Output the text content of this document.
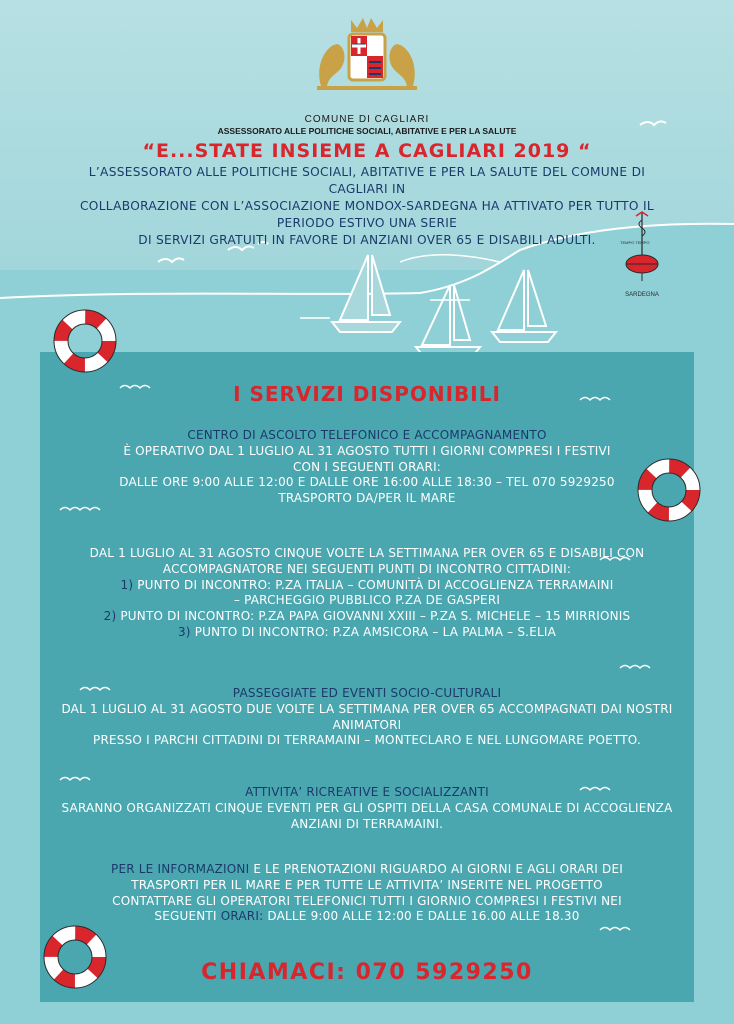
COMUNE DI CAGLIARI
ASSESSORATO ALLE POLITICHE SOCIALI, ABITATIVE E PER LA SALUTE
“E...STATE INSIEME A CAGLIARI 2019 “
L’ASSESSORATO ALLE POLITICHE SOCIALI, ABITATIVE E PER LA SALUTE DEL COMUNE DI CAGLIARI IN
COLLABORAZIONE CON L’ASSOCIAZIONE MONDOX-SARDEGNA HA ATTIVATO PER TUTTO IL PERIODO ESTIVO UNA SERIE
DI SERVIZI GRATUITI IN FAVORE DI ANZIANI OVER 65 E DISABILI ADULTI.
SARDEGNA
TEMPO TEMPO
I SERVIZI DISPONIBILI
CENTRO DI ASCOLTO TELEFONICO E ACCOMPAGNAMENTO
È OPERATIVO DAL 1 LUGLIO AL 31 AGOSTO TUTTI I GIORNI COMPRESI I FESTIVI
CON I SEGUENTI ORARI:
DALLE ORE 9:00 ALLE 12:00 E DALLE ORE 16:00 ALLE 18:30 – TEL 070 5929250
TRASPORTO DA/PER IL MARE
DAL 1 LUGLIO AL 31 AGOSTO CINQUE VOLTE LA SETTIMANA PER OVER 65 E DISABILI CON
ACCOMPAGNATORE NEI SEGUENTI PUNTI DI INCONTRO CITTADINI:
1) PUNTO DI INCONTRO: P.ZA ITALIA – COMUNITÀ DI ACCOGLIENZA TERRAMAINI
– PARCHEGGIO PUBBLICO P.ZA DE GASPERI
2) PUNTO DI INCONTRO: P.ZA PAPA GIOVANNI XXIII – P.ZA S. MICHELE – 15 MIRRIONIS
3) PUNTO DI INCONTRO: P.ZA AMSICORA – LA PALMA – S.ELIA
PASSEGGIATE ED EVENTI SOCIO-CULTURALI
DAL 1 LUGLIO AL 31 AGOSTO DUE VOLTE LA SETTIMANA PER OVER 65 ACCOMPAGNATI DAI NOSTRI
ANIMATORI
PRESSO I PARCHI CITTADINI DI TERRAMAINI – MONTECLARO E NEL LUNGOMARE POETTO.
ATTIVITA’ RICREATIVE E SOCIALIZZANTI
SARANNO ORGANIZZATI CINQUE EVENTI PER GLI OSPITI DELLA CASA COMUNALE DI ACCOGLIENZA
ANZIANI DI TERRAMAINI.
PER LE INFORMAZIONI E LE PRENOTAZIONI RIGUARDO AI GIORNI E AGLI ORARI DEI
TRASPORTI PER IL MARE E PER TUTTE LE ATTIVITA’ INSERITE NEL PROGETTO
CONTATTARE GLI OPERATORI TELEFONICI TUTTI I GIORNIO COMPRESI I FESTIVI NEI
SEGUENTI ORARI: DALLE 9:00 ALLE 12:00 E DALLE 16.00 ALLE 18.30
CHIAMACI: 070 5929250
